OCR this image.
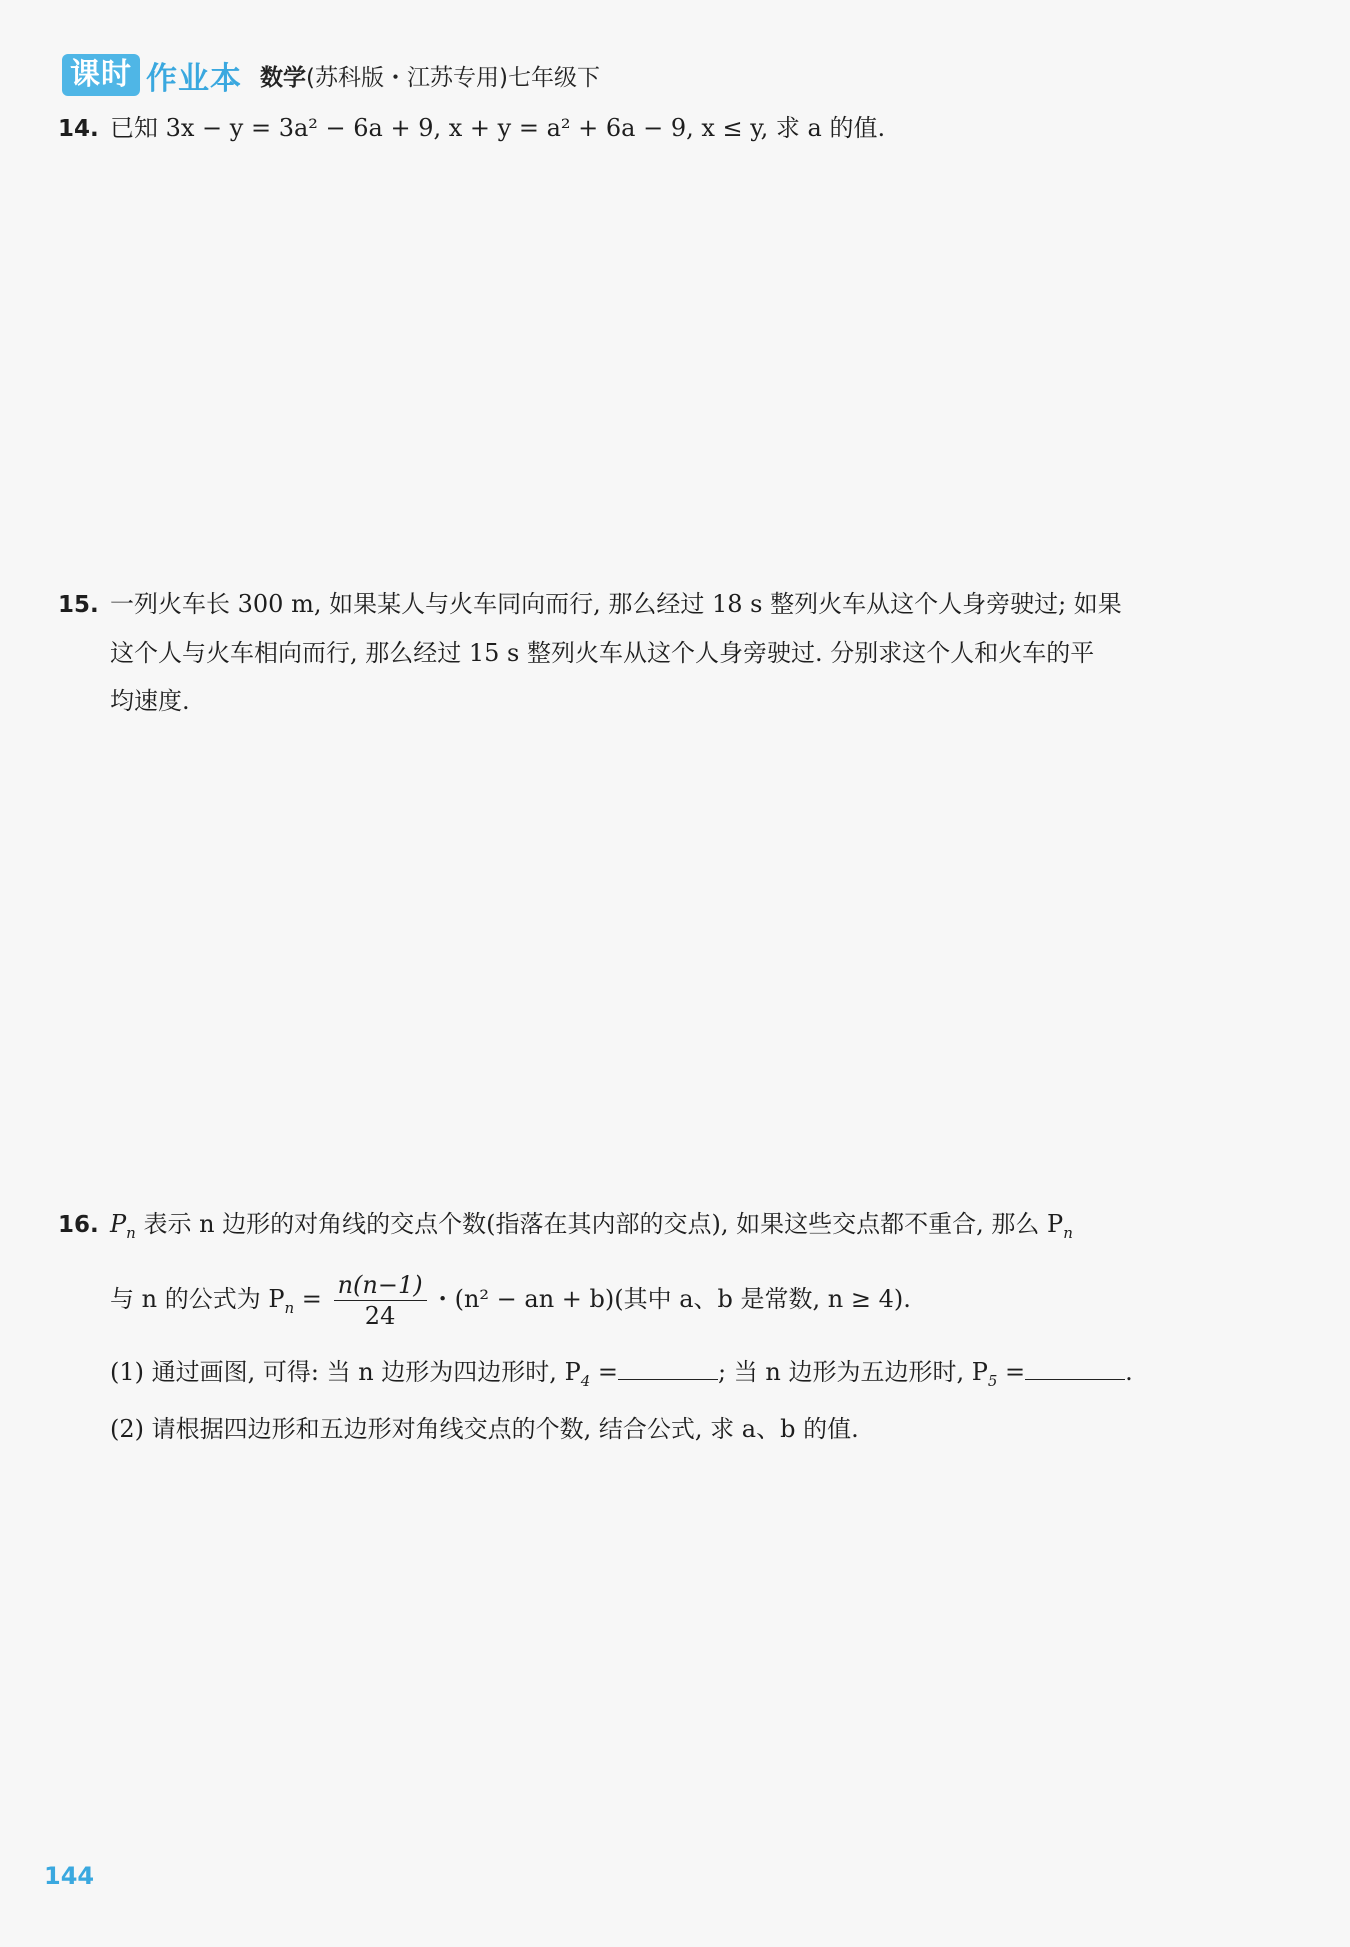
课时 作业本 数学(苏科版・江苏专用)七年级下
14. 已知 3x − y = 3a² − 6a + 9, x + y = a² + 6a − 9, x ≤ y, 求 a 的值.
15. 一列火车长 300 m, 如果某人与火车同向而行, 那么经过 18 s 整列火车从这个人身旁驶过; 如果
这个人与火车相向而行, 那么经过 15 s 整列火车从这个人身旁驶过. 分别求这个人和火车的平
均速度.
16. $P_n$ 表示 n 边形的对角线的交点个数(指落在其内部的交点), 如果这些交点都不重合, 那么 $P_n$
与 n 的公式为 $P_n = \frac{n(n-1)}{24}$ ・(n² − an + b)(其中 a、b 是常数, n ≥ 4).
(1) 通过画图, 可得: 当 n 边形为四边形时, $P_4$ =	; 当 n 边形为五边形时, $P_5$ =	.
(2) 请根据四边形和五边形对角线交点的个数, 结合公式, 求 a、b 的值.
144
